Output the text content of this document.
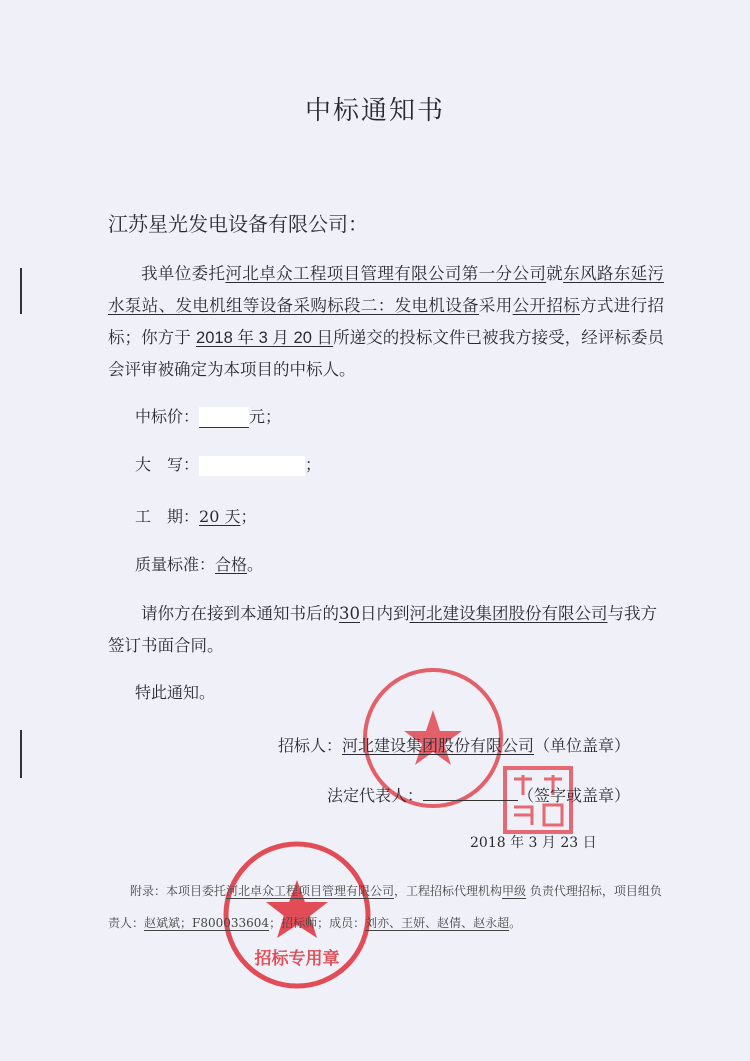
招标专用章
中标通知书
江苏星光发电设备有限公司：
我单位委托河北卓众工程项目管理有限公司第一分公司就东风路东延污水泵站、发电机组等设备采购标段二：发电机设备采用公开招标方式进行招标；你方于 2018 年 3 月 20 日所递交的投标文件已被我方接受，经评标委员会评审被确定为本项目的中标人。
中标价：	元；
大　写：	；
工　期：20 天；
质量标准：合格。
请你方在接到本通知书后的30日内到河北建设集团股份有限公司与我方签订书面合同。
特此通知。
招标人：河北建设集团股份有限公司（单位盖章）
法定代表人：	（签字或盖章）
2018 年 3 月 23 日
附录：本项目委托河北卓众工程项目管理有限公司，工程招标代理机构甲级 负责代理招标，项目组负
责人：赵斌斌；F800033604；招标师；成员：刘亦、王妍、赵倩、赵永超。
